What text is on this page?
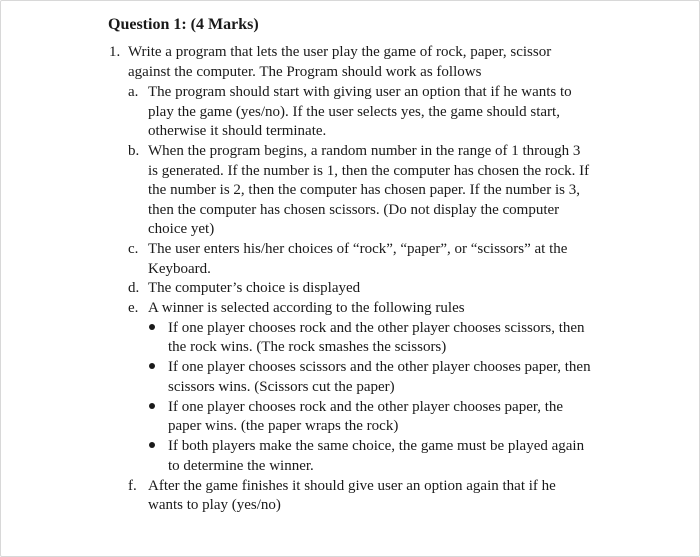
Question 1: (4 Marks)
1. Write a program that lets the user play the game of rock, paper, scissor
against the computer. The Program should work as follows
a. The program should start with giving user an option that if he wants to
play the game (yes/no). If the user selects yes, the game should start,
otherwise it should terminate.
b. When the program begins, a random number in the range of 1 through 3
is generated. If the number is 1, then the computer has chosen the rock. If
the number is 2, then the computer has chosen paper. If the number is 3,
then the computer has chosen scissors. (Do not display the computer
choice yet)
c. The user enters his/her choices of “rock”, “paper”, or “scissors” at the
Keyboard.
d. The computer’s choice is displayed
e. A winner is selected according to the following rules
If one player chooses rock and the other player chooses scissors, then
the rock wins. (The rock smashes the scissors)
If one player chooses scissors and the other player chooses paper, then
scissors wins. (Scissors cut the paper)
If one player chooses rock and the other player chooses paper, the
paper wins. (the paper wraps the rock)
If both players make the same choice, the game must be played again
to determine the winner.
f. After the game finishes it should give user an option again that if he
wants to play (yes/no)
